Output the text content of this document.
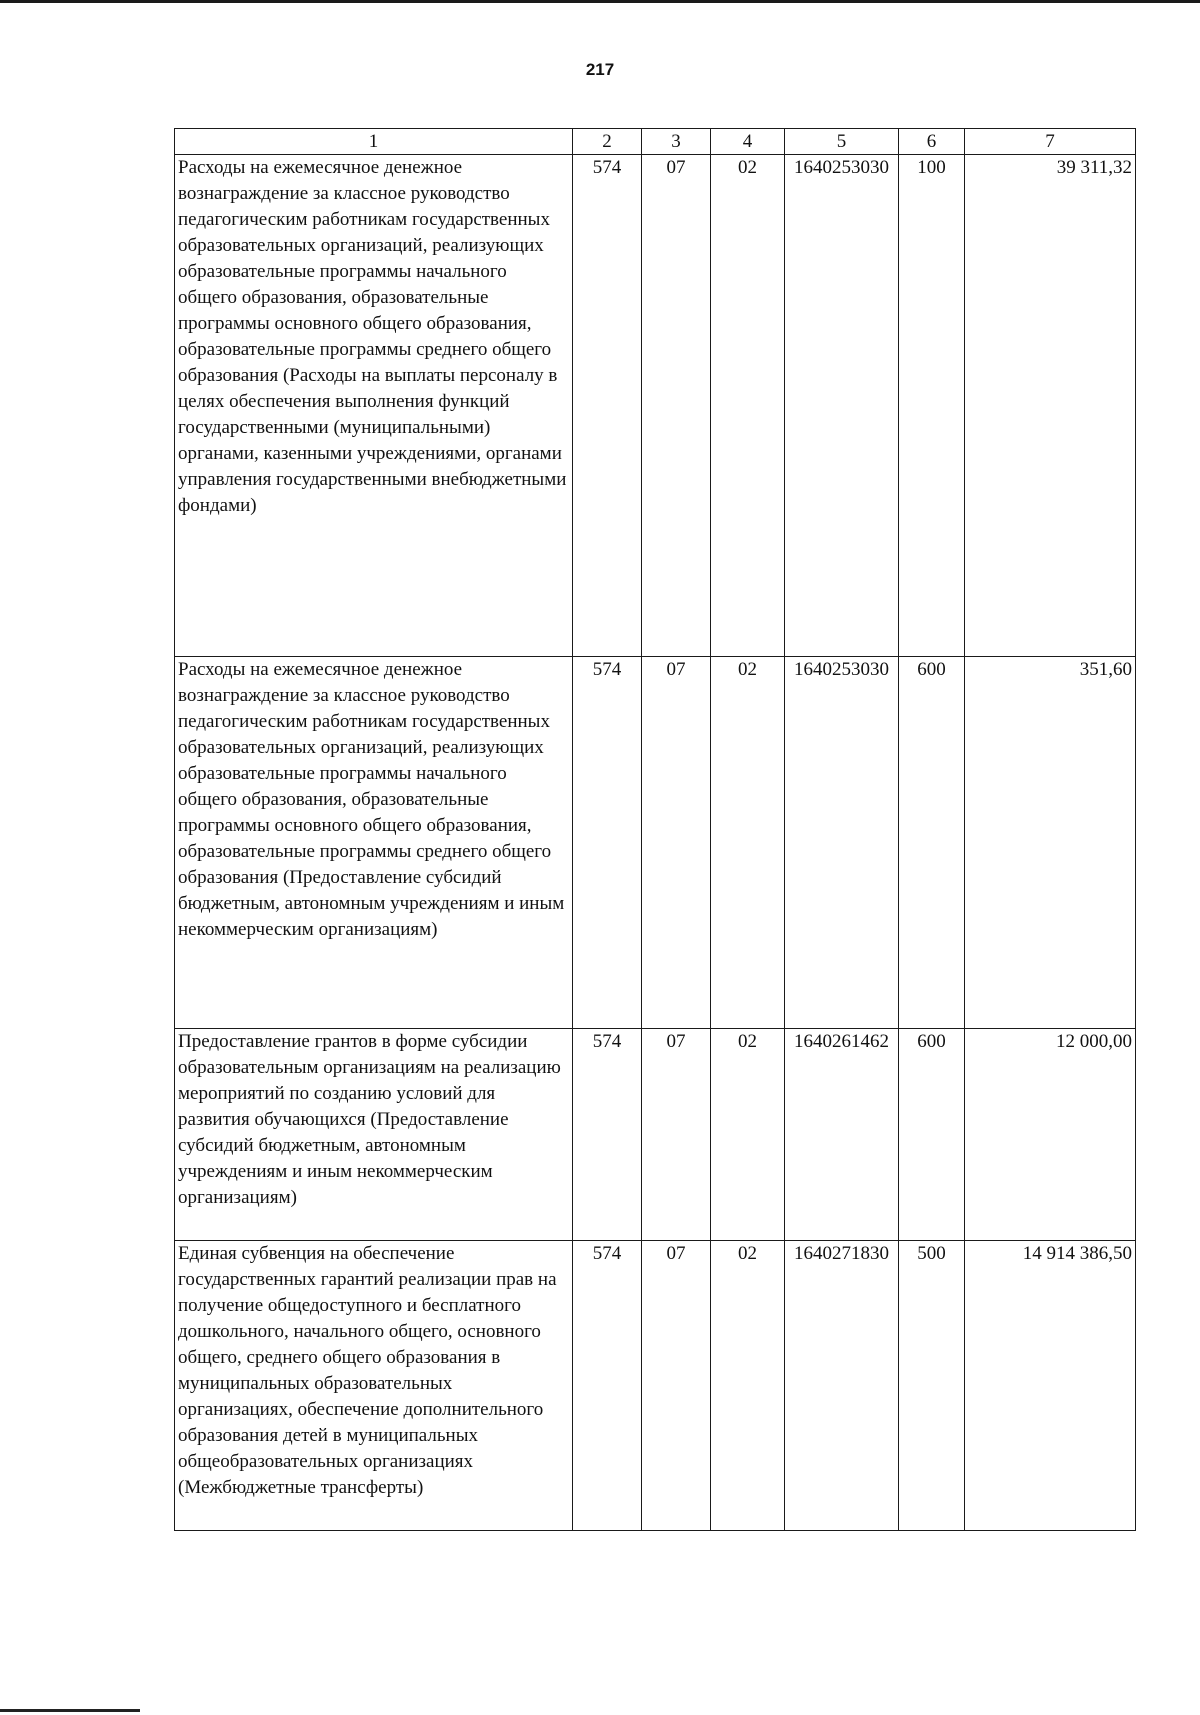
217
1	2	3	4	5	6	7
Расходы на ежемесячное денежное вознаграждение за классное руководство педагогическим работникам государственных образовательных организаций, реализующих образовательные программы начального общего образования, образовательные программы основного общего образования, образовательные программы среднего общего образования (Расходы на выплаты персоналу в целях обеспечения выполнения функций государственными (муниципальными) органами, казенными учреждениями, органами управления государственными внебюджетными фондами)	574	07	02	1640253030	100	39 311,32
Расходы на ежемесячное денежное вознаграждение за классное руководство педагогическим работникам государственных образовательных организаций, реализующих образовательные программы начального общего образования, образовательные программы основного общего образования, образовательные программы среднего общего образования (Предоставление субсидий бюджетным, автономным учреждениям и иным некоммерческим организациям)	574	07	02	1640253030	600	351,60
Предоставление грантов в форме субсидии образовательным организациям на реализацию мероприятий по созданию условий для развития обучающихся (Предоставление субсидий бюджетным, автономным учреждениям и иным некоммерческим организациям)	574	07	02	1640261462	600	12 000,00
Единая субвенция на обеспечение государственных гарантий реализации прав на получение общедоступного и бесплатного дошкольного, начального общего, основного общего, среднего общего образования в муниципальных образовательных организациях, обеспечение дополнительного образования детей в муниципальных общеобразовательных организациях (Межбюджетные трансферты)	574	07	02	1640271830	500	14 914 386,50
